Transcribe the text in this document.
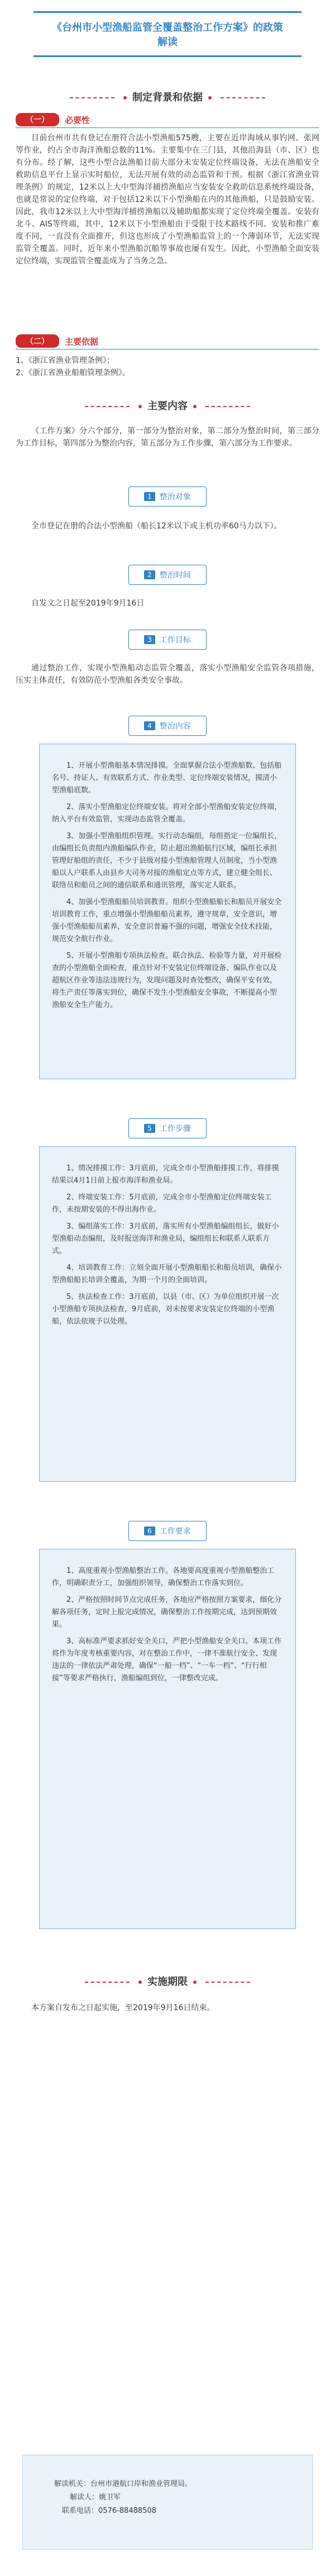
《台州市小型渔船监管全覆盖整治工作方案》的政策
解读
制定背景和依据
（一）	必要性
目前台州市共有登记在册符合法小型渔船575艘，主要在近岸海域从事钓网、张网等作业，约占全市海洋渔船总数的11%。主要集中在三门县，其他沿海县（市、区）也有分布。经了解，这些小型合法渔船目前大部分未安装定位终端设备，无法在渔船安全救助信息平台上显示实时船位，无法开展有效的动态监管和干预。根据《浙江省渔业管理条例》的规定，12米以上大中型海洋捕捞渔船应当安装安全救助信息系统终端设备，也就是常说的定位终端，对于包括12米以下小型渔船在内的其他渔船，只是鼓励安装。因此，我市12米以上大中型海洋捕捞渔船以及辅助船都实现了定位终端全覆盖。安装有北斗、AIS等终端，其中，12米以下小型渔船由于受限于技术路线不同、安装和推广难度不同，一直没有全面推开，但这也形成了小型渔船监管上的一个薄弱环节，无法实现监管全覆盖。同时，近年来小型渔船沉船等事故也屡有发生。因此，小型渔船全面安装定位终端，实现监管全覆盖成为了当务之急。
（二）	主要依据
1、《浙江省渔业管理条例》；
2、《浙江省渔业船舶管理条例》。
主要内容
《工作方案》分六个部分，第一部分为整治对象，第二部分为整治时间，第三部分为工作目标，第四部分为整治内容，第五部分为工作步骤，第六部分为工作要求。
1	整治对象
全市登记在册的合法小型渔船（船长12米以下或主机功率60马力以下）。
2	整治时间
自发文之日起至2019年9月16日
3	工作目标
通过整治工作，实现小型渔船动态监管全覆盖，落实小型渔船安全监管各项措施，压实主体责任，有效防范小型渔船各类安全事故。
4	整治内容

1、开展小型渔船基本情况排摸。全面掌握合法小型渔船数、包括船名号、持证人、有效联系方式、作业类型、定位终端安装情况，摸清小型渔船底数。

2、落实小型渔船定位终端安装。将对全部小型渔船安装定位终端，纳入平台有效监管，实现动态监管全覆盖。

3、加强小型渔船组织管理。实行动态编组，每组指定一位编组长，由编组长负责组内渔船编队作业，防止超出渔船航行区域，编组长承担管理好船组的责任，不少于县级对接小型渔船管理人员制度，当小型渔船以人户联系人由县乡大司务对接的渔船定点等方式，建立健全组长、联络员和船员之间的通信联系和通讯管理，落实定人联系。

4、加强小型渔船船员培训教育。组织小型渔船船长和船员开展安全培训教育工作，重点增强小型渔船船员素养，遵守规章，安全意识，增强小型渔船船员素养，安全意识普遍不强的问题，增强安全技术技能，规范安全航行作业。

5、开展小型渔船专项执法检查。联合执法、检验等力量，对开展检查的小型渔船全面检查，重点针对不安装定位终端设备、编队作业以及超航区作业等违法违规行为，发现问题及时查处整改，确保平安有效，将生产责任等落实到位，确保不发生小型渔船安全事故，不断提高小型渔船安全生产能力。

5	工作步骤

1、情况排摸工作：3月底前，完成全市小型渔船排摸工作，将排摸结果以4月1日前上报市海洋和渔业局。

2、终端安装工作：5月底前，完成全市小型渔船定位终端安装工作，未按期安装的不得出海作业。

3、编组落实工作：3月底前，落实所有小型渔船编组组长，做好小型渔船动态编组，及时报送海洋和渔业局，编组组长和联系人联系方式。

4、培训教育工作：立刻全面开展小型渔船船长和船员培训，确保小型渔船船长培训全覆盖，为期一个月的全面培训。

5、执法检查工作：3月底前，以县（市、区）为单位组织开展一次小型渔船专项执法检查，9月底前，对未按要求安装定位终端的小型渔船，依法依规予以处理。

6	工作要求

1、高度重视小型渔船整治工作。各地要高度重视小型渔船整治工作，明确职责分工，加强组织领导，确保整治工作落实到位。

2、严格按照时间节点完成任务，各地应严格按照方案要求，细化分解各项任务，定时上报完成情况，确保整治工作按期完成，达到预期效果。

3、高标准严要求抓好安全关口，严把小型渔船安全关口。本项工作将作为年度考核重要内容，对在整治工作中，一律不准航行安全、发现违法的一律依法严肃处理，确保“一船一档”、“一车一档”、“行行相接”等要求严格执行，渔船编组到位，一律整改完成。

实施期限
本方案自发布之日起实施，至2019年9月16日结束。
解读机关：台州市港航口岸和渔业管理局。
解读人：姚卫军
联系电话：0576-88488508
